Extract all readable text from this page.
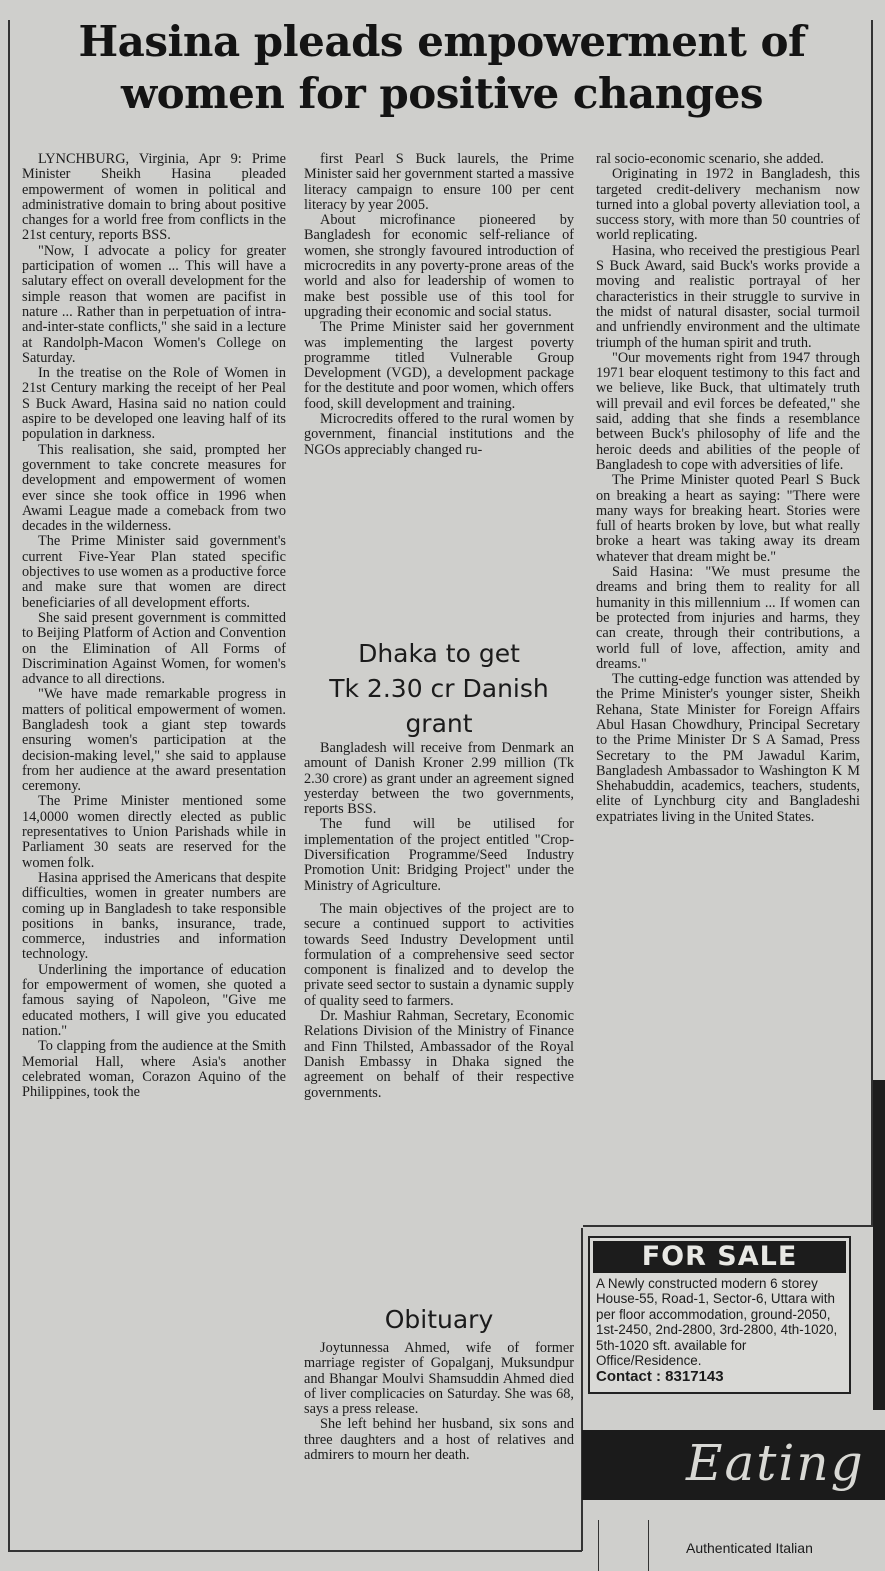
Hasina pleads empowerment of
women for positive changes

LYNCHBURG, Virginia, Apr 9: Prime Minister Sheikh Hasina pleaded empowerment of women in political and administrative domain to bring about positive changes for a world free from conflicts in the 21st century, reports BSS.

"Now, I advocate a policy for greater participation of women ... This will have a salutary effect on overall development for the simple reason that women are pacifist in nature ... Rather than in perpetuation of intra-and-inter-state conflicts," she said in a lecture at Randolph-Macon Women's College on Saturday.

In the treatise on the Role of Women in 21st Century marking the receipt of her Peal S Buck Award, Hasina said no nation could aspire to be developed one leaving half of its population in darkness.

This realisation, she said, prompted her government to take concrete measures for development and empowerment of women ever since she took office in 1996 when Awami League made a comeback from two decades in the wilderness.

The Prime Minister said government's current Five-Year Plan stated specific objectives to use women as a productive force and make sure that women are direct beneficiaries of all development efforts.

She said present government is committed to Beijing Platform of Action and Convention on the Elimination of All Forms of Discrimination Against Women, for women's advance to all directions.

"We have made remarkable progress in matters of political empowerment of women. Bangladesh took a giant step towards ensuring women's participation at the decision-making level," she said to applause from her audience at the award presentation ceremony.

The Prime Minister mentioned some 14,0000 women directly elected as public representatives to Union Parishads while in Parliament 30 seats are reserved for the women folk.

Hasina apprised the Americans that despite difficulties, women in greater numbers are coming up in Bangladesh to take responsible positions in banks, insurance, trade, commerce, industries and information technology.

Underlining the importance of education for empowerment of women, she quoted a famous saying of Napoleon, "Give me educated mothers, I will give you educated nation."

To clapping from the audience at the Smith Memorial Hall, where Asia's another celebrated woman, Corazon Aquino of the Philippines, took the

first Pearl S Buck laurels, the Prime Minister said her government started a massive literacy campaign to ensure 100 per cent literacy by year 2005.

About microfinance pioneered by Bangladesh for economic self-reliance of women, she strongly favoured introduction of microcredits in any poverty-prone areas of the world and also for leadership of women to make best possible use of this tool for upgrading their economic and social status.

The Prime Minister said her government was implementing the largest poverty programme titled Vulnerable Group Development (VGD), a development package for the destitute and poor women, which offers food, skill development and training.

Microcredits offered to the rural women by government, financial institutions and the NGOs appreciably changed ru-

Dhaka to get
Tk 2.30 cr Danish
grant

Bangladesh will receive from Denmark an amount of Danish Kroner 2.99 million (Tk 2.30 crore) as grant under an agreement signed yesterday between the two governments, reports BSS.

The fund will be utilised for implementation of the project entitled "Crop-Diversification Programme/Seed Industry Promotion Unit: Bridging Project" under the Ministry of Agriculture.

The main objectives of the project are to secure a continued support to activities towards Seed Industry Development until formulation of a comprehensive seed sector component is finalized and to develop the private seed sector to sustain a dynamic supply of quality seed to farmers.

Dr. Mashiur Rahman, Secretary, Economic Relations Division of the Ministry of Finance and Finn Thilsted, Ambassador of the Royal Danish Embassy in Dhaka signed the agreement on behalf of their respective governments.

Obituary

Joytunnessa Ahmed, wife of former marriage register of Gopalganj, Muksundpur and Bhangar Moulvi Shamsuddin Ahmed died of liver complicacies on Saturday. She was 68, says a press release.

She left behind her husband, six sons and three daughters and a host of relatives and admirers to mourn her death.

ral socio-economic scenario, she added.

Originating in 1972 in Bangladesh, this targeted credit-delivery mechanism now turned into a global poverty alleviation tool, a success story, with more than 50 countries of world replicating.

Hasina, who received the prestigious Pearl S Buck Award, said Buck's works provide a moving and realistic portrayal of her characteristics in their struggle to survive in the midst of natural disaster, social turmoil and unfriendly environment and the ultimate triumph of the human spirit and truth.

"Our movements right from 1947 through 1971 bear eloquent testimony to this fact and we believe, like Buck, that ultimately truth will prevail and evil forces be defeated," she said, adding that she finds a resemblance between Buck's philosophy of life and the heroic deeds and abilities of the people of Bangladesh to cope with adversities of life.

The Prime Minister quoted Pearl S Buck on breaking a heart as saying: "There were many ways for breaking heart. Stories were full of hearts broken by love, but what really broke a heart was taking away its dream whatever that dream might be."

Said Hasina: "We must presume the dreams and bring them to reality for all humanity in this millennium ... If women can be protected from injuries and harms, they can create, through their contributions, a world full of love, affection, amity and dreams."

The cutting-edge function was attended by the Prime Minister's younger sister, Sheikh Rehana, State Minister for Foreign Affairs Abul Hasan Chowdhury, Principal Secretary to the Prime Minister Dr S A Samad, Press Secretary to the PM Jawadul Karim, Bangladesh Ambassador to Washington K M Shehabuddin, academics, teachers, students, elite of Lynchburg city and Bangladeshi expatriates living in the United States.

FOR SALE
A Newly constructed modern 6 storey House-55, Road-1, Sector-6, Uttara with per floor accommodation, ground-2050, 1st-2450, 2nd-2800, 3rd-2800, 4th-1020, 5th-1020 sft. available for Office/Residence.
Contact : 8317143
Eating
Authenticated Italian
